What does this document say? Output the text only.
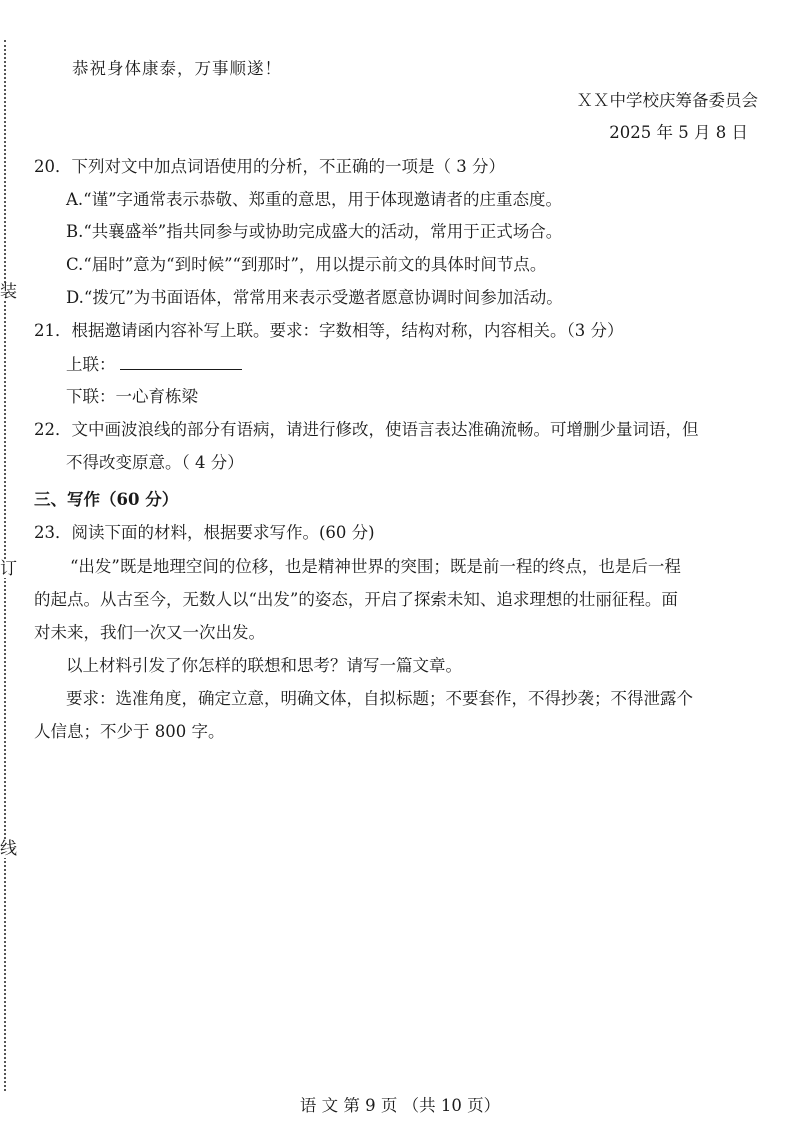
装
订
线
恭祝身体康泰，万事顺遂！
ＸＸ中学校庆筹备委员会
2025 年 5 月 8 日
20．下列对文中加点词语使用的分析，不正确的一项是（ 3 分）
A.“谨”字通常表示恭敬、郑重的意思，用于体现邀请者的庄重态度。
B.“共襄盛举”指共同参与或协助完成盛大的活动，常用于正式场合。
C.“届时”意为“到时候”“到那时”，用以提示前文的具体时间节点。
D.“拨冗”为书面语体，常常用来表示受邀者愿意协调时间参加活动。
21．根据邀请函内容补写上联。要求：字数相等，结构对称，内容相关。（3 分）
上联：
下联：一心育栋梁
22．文中画波浪线的部分有语病，请进行修改，使语言表达准确流畅。可增删少量词语，但
不得改变原意。（ 4 分）
三、写作（60 分）
23．阅读下面的材料，根据要求写作。(60 分)
“出发”既是地理空间的位移，也是精神世界的突围；既是前一程的终点，也是后一程
的起点。从古至今，无数人以“出发”的姿态，开启了探索未知、追求理想的壮丽征程。面
对未来，我们一次又一次出发。
以上材料引发了你怎样的联想和思考？请写一篇文章。
要求：选准角度，确定立意，明确文体，自拟标题；不要套作，不得抄袭；不得泄露个
人信息；不少于 800 字。
语 文 第 9 页 （共 10 页）
